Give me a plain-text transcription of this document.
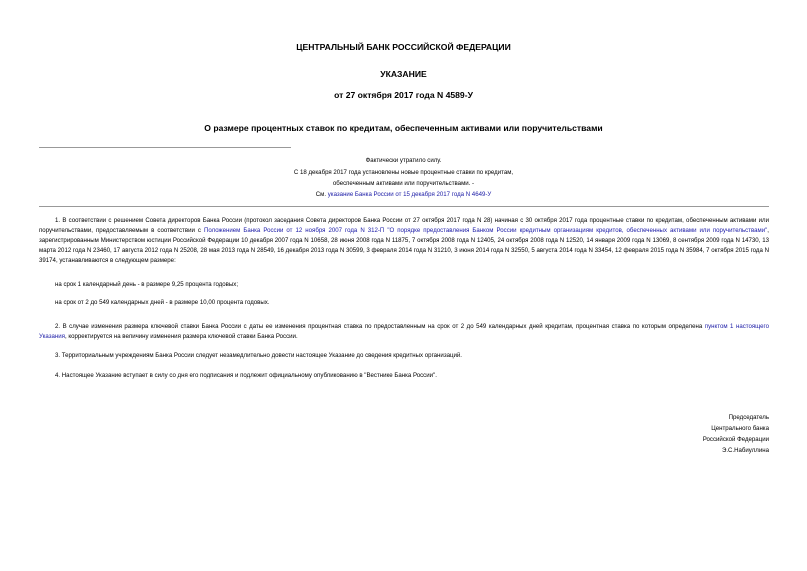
ЦЕНТРАЛЬНЫЙ БАНК РОССИЙСКОЙ ФЕДЕРАЦИИ
УКАЗАНИЕ
от 27 октября 2017 года N 4589-У
О размере процентных ставок по кредитам, обеспеченным активами или поручительствами
Фактически утратило силу.
С 18 декабря 2017 года установлены новые процентные ставки по кредитам,
обеспеченным активами или поручительствами. -
См. указание Банка России от 15 декабря 2017 года N 4649-У

1. В соответствии с решением Совета директоров Банка России (протокол заседания Совета директоров Банка России от 27 октября 2017 года N 28) начиная с 30 октября 2017 года процентные ставки по кредитам, обеспеченным активами или поручительствами, предоставляемым в соответствии с Положением Банка России от 12 ноября 2007 года N 312-П "О порядке предоставления Банком России кредитным организациям кредитов, обеспеченных активами или поручительствами", зарегистрированным Министерством юстиции Российской Федерации 10 декабря 2007 года N 10658, 28 июня 2008 года N 11875, 7 октября 2008 года N 12405, 24 октября 2008 года N 12520, 14 января 2009 года N 13069, 8 сентября 2009 года N 14730, 13 марта 2012 года N 23460, 17 августа 2012 года N 25208, 28 мая 2013 года N 28549, 16 декабря 2013 года N 30599, 3 февраля 2014 года N 31210, 3 июня 2014 года N 32550, 5 августа 2014 года N 33454, 12 февраля 2015 года N 35984, 7 октября 2015 года N 39174, устанавливаются в следующем размере:

на срок 1 календарный день - в размере 9,25 процента годовых;

на срок от 2 до 549 календарных дней - в размере 10,00 процента годовых.

2. В случае изменения размера ключевой ставки Банка России с даты ее изменения процентная ставка по предоставленным на срок от 2 до 549 календарных дней кредитам, процентная ставка по которым определена пунктом 1 настоящего Указания, корректируется на величину изменения размера ключевой ставки Банка России.

3. Территориальным учреждениям Банка России следует незамедлительно довести настоящее Указание до сведения кредитных организаций.

4. Настоящее Указание вступает в силу со дня его подписания и подлежит официальному опубликованию в "Вестнике Банка России".

Председатель
Центрального банка
Российской Федерации
Э.С.Набиуллина
